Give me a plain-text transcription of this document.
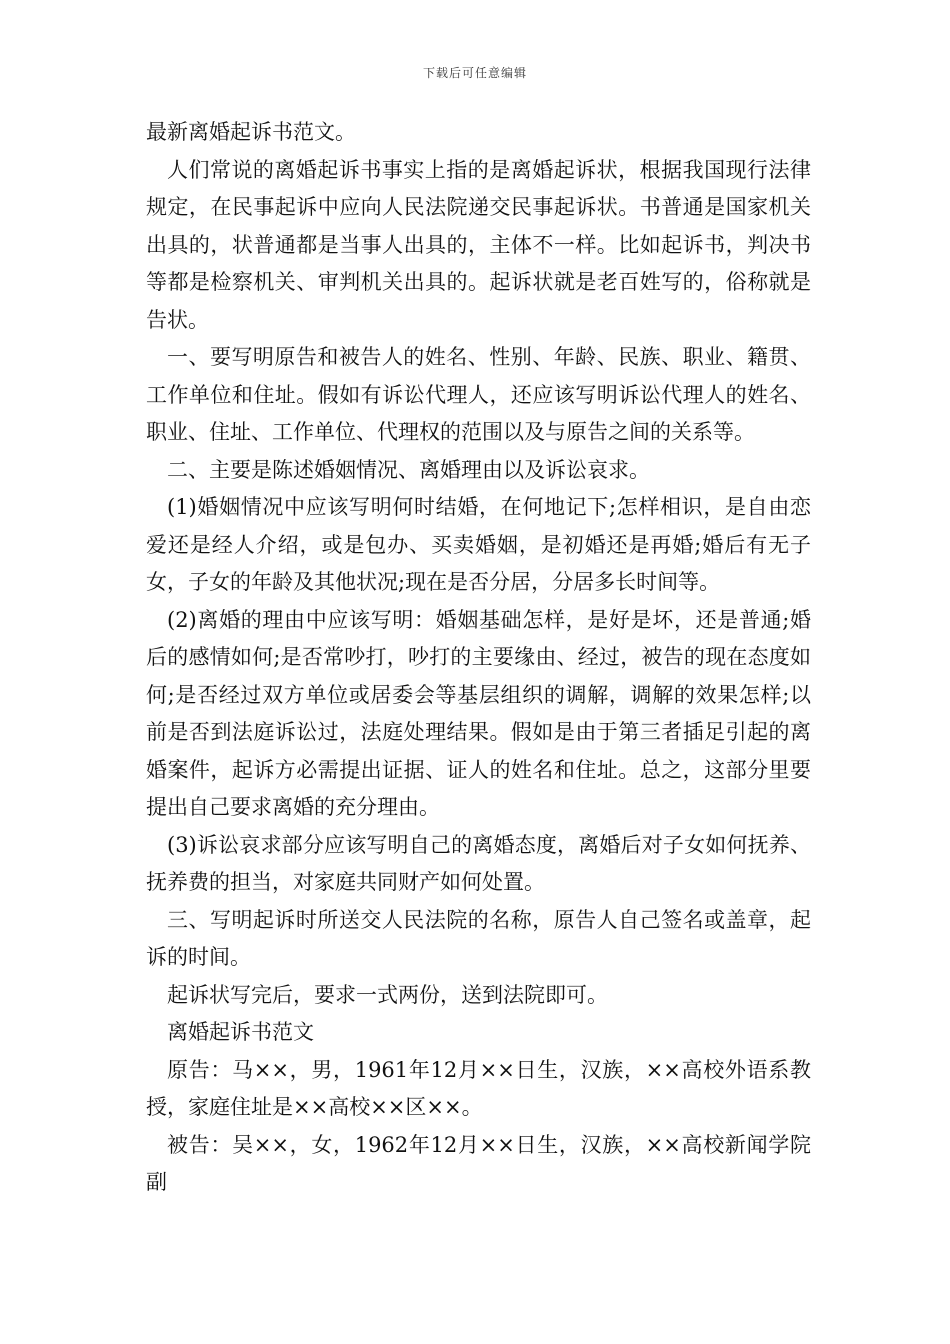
下载后可任意编辑

最新离婚起诉书范文。

人们常说的离婚起诉书事实上指的是离婚起诉状，根据我国现行法律规定，在民事起诉中应向人民法院递交民事起诉状。书普通是国家机关出具的，状普通都是当事人出具的，主体不一样。比如起诉书，判决书等都是检察机关、审判机关出具的。起诉状就是老百姓写的，俗称就是告状。

一、要写明原告和被告人的姓名、性别、年龄、民族、职业、籍贯、工作单位和住址。假如有诉讼代理人，还应该写明诉讼代理人的姓名、职业、住址、工作单位、代理权的范围以及与原告之间的关系等。

二、主要是陈述婚姻情况、离婚理由以及诉讼哀求。

(1)婚姻情况中应该写明何时结婚，在何地记下;怎样相识，是自由恋爱还是经人介绍，或是包办、买卖婚姻，是初婚还是再婚;婚后有无子女，子女的年龄及其他状况;现在是否分居，分居多长时间等。

(2)离婚的理由中应该写明：婚姻基础怎样，是好是坏，还是普通;婚后的感情如何;是否常吵打，吵打的主要缘由、经过，被告的现在态度如何;是否经过双方单位或居委会等基层组织的调解，调解的效果怎样;以前是否到法庭诉讼过，法庭处理结果。假如是由于第三者插足引起的离婚案件，起诉方必需提出证据、证人的姓名和住址。总之，这部分里要提出自己要求离婚的充分理由。

(3)诉讼哀求部分应该写明自己的离婚态度，离婚后对子女如何抚养、抚养费的担当，对家庭共同财产如何处置。

三、写明起诉时所送交人民法院的名称，原告人自己签名或盖章，起诉的时间。

起诉状写完后，要求一式两份，送到法院即可。

离婚起诉书范文

原告：马××，男，1961年12月××日生，汉族，××高校外语系教授，家庭住址是××高校××区××。

被告：吴××，女，1962年12月××日生，汉族，××高校新闻学院副
